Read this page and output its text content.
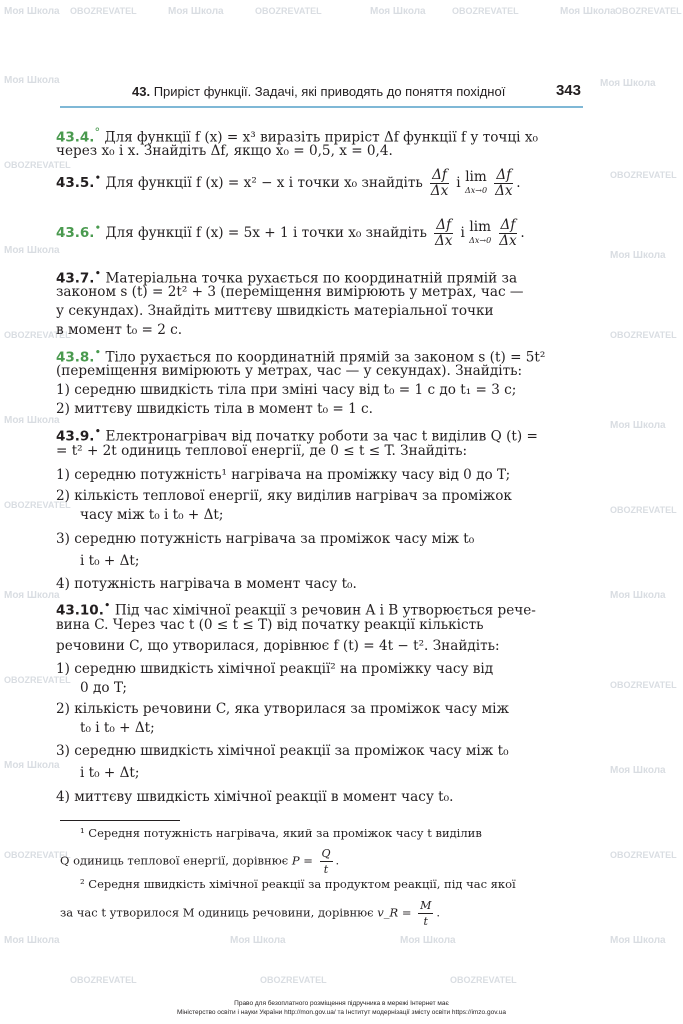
Моя Школа OBOZREVATEL	Моя Школа	OBOZREVATEL	Моя Школа	OBOZREVATEL	Моя Школа OBOZREVATEL
Моя Школа	Моя Школа
OBOZREVATEL
OBOZREVATEL
Моя Школа	Моя Школа
OBOZREVATEL	OBOZREVATEL
Моя Школа	Моя Школа
OBOZREVATEL	OBOZREVATEL
Моя Школа	Моя Школа
OBOZREVATEL	OBOZREVATEL
Моя Школа	Моя Школа
OBOZREVATEL	OBOZREVATEL
Моя Школа	Моя Школа	Моя Школа	Моя Школа
OBOZREVATEL	OBOZREVATEL	OBOZREVATEL
43. Приріст функції. Задачі, які приводять до поняття похідної	343
43.4.° Для функції f (x) = x³ виразіть приріст Δf функції f у точці x₀
через x₀ і x. Знайдіть Δf, якщо x₀ = 0,5, x = 0,4.
43.5.• Для функції f (x) = x² − x і точки x₀ знайдіть $\frac{\Delta f}{\Delta x}$ і lim
Δx→0
$\frac{\Delta f}{\Delta x}$ .
43.6.• Для функції f (x) = 5x + 1 і точки x₀ знайдіть $\frac{\Delta f}{\Delta x}$ і lim
Δx→0
$\frac{\Delta f}{\Delta x}$ .
43.7.• Матеріальна точка рухається по координатній прямій за
законом s (t) = 2t² + 3 (переміщення вимірюють у метрах, час —
у секундах). Знайдіть миттєву швидкість матеріальної точки
в момент t₀ = 2 с.
43.8.• Тіло рухається по координатній прямій за законом s (t) = 5t²
(переміщення вимірюють у метрах, час — у секундах). Знайдіть:
1) середню швидкість тіла при зміні часу від t₀ = 1 с до t₁ = 3 с;
2) миттєву швидкість тіла в момент t₀ = 1 с.
43.9.• Електронагрівач від початку роботи за час t виділив Q (t) =
= t² + 2t одиниць теплової енергії, де 0 ≤ t ≤ T. Знайдіть:
1) середню потужність¹ нагрівача на проміжку часу від 0 до T;
2) кількість теплової енергії, яку виділив нагрівач за проміжок
часу між t₀ і t₀ + Δt;
3) середню потужність нагрівача за проміжок часу між t₀
і t₀ + Δt;
4) потужність нагрівача в момент часу t₀.
43.10.• Під час хімічної реакції з речовин A і B утворюється рече-
вина C. Через час t (0 ≤ t ≤ T) від початку реакції кількість
речовини C, що утворилася, дорівнює f (t) = 4t − t². Знайдіть:
1) середню швидкість хімічної реакції² на проміжку часу від
0 до T;
2) кількість речовини C, яка утворилася за проміжок часу між
t₀ і t₀ + Δt;
3) середню швидкість хімічної реакції за проміжок часу між t₀
і t₀ + Δt;
4) миттєву швидкість хімічної реакції в момент часу t₀.
¹ Середня потужність нагрівача, який за проміжок часу t виділив
Q одиниць теплової енергії, дорівнює $P = \frac{Q}{t}$ .
² Середня швидкість хімічної реакції за продуктом реакції, під час якої
за час t утворилося M одиниць речовини, дорівнює v_R = $\frac{M}{t}$ .
Право для безоплатного розміщення підручника в мережі Інтернет має
Міністерство освіти і науки України http://mon.gov.ua/ та Інститут модернізації змісту освіти https://imzo.gov.ua
